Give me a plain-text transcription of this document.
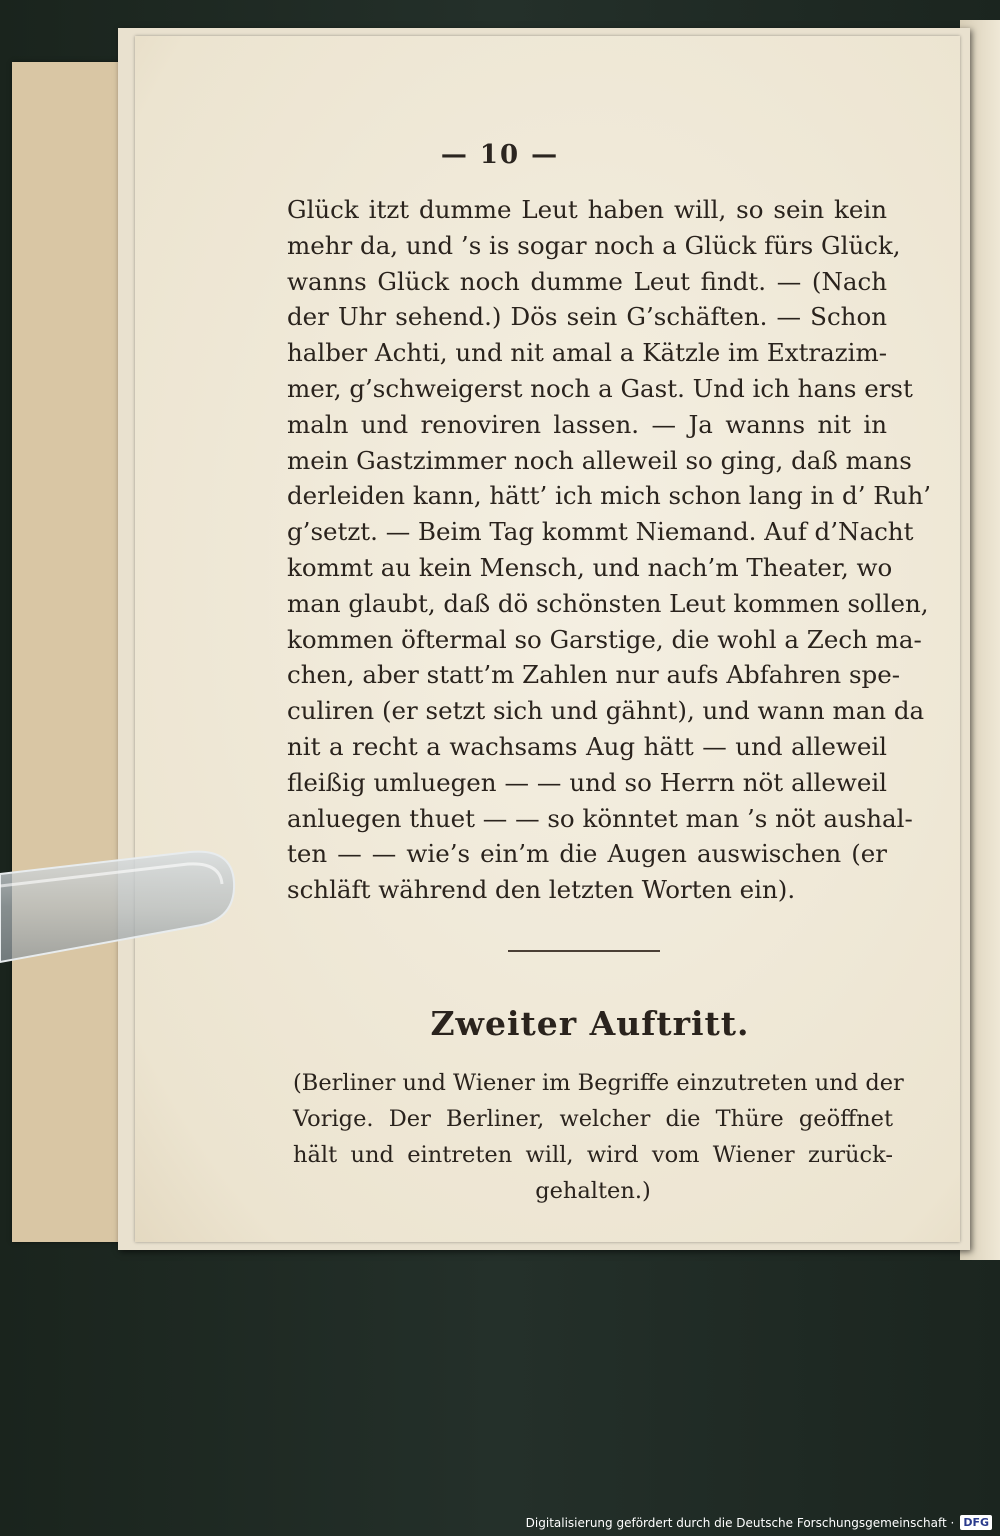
— 10 —
Glück itzt dumme Leut haben will, so sein kein
mehr da, und ’s is sogar noch a Glück fürs Glück,
wanns Glück noch dumme Leut findt. — (Nach
der Uhr sehend.) Dös sein G’schäften. — Schon
halber Achti, und nit amal a Kätzle im Extrazim-
mer, g’schweigerst noch a Gast. Und ich hans erst
maln und renoviren lassen. — Ja wanns nit in
mein Gastzimmer noch alleweil so ging, daß mans
derleiden kann, hätt’ ich mich schon lang in d’ Ruh’
g’setzt. — Beim Tag kommt Niemand. Auf d’Nacht
kommt au kein Mensch, und nach’m Theater, wo
man glaubt, daß dö schönsten Leut kommen sollen,
kommen öftermal so Garstige, die wohl a Zech ma-
chen, aber statt’m Zahlen nur aufs Abfahren spe-
culiren (er setzt sich und gähnt), und wann man da
nit a recht a wachsams Aug hätt — und alleweil
fleißig umluegen — — und so Herrn nöt alleweil
anluegen thuet — — so könntet man ’s nöt aushal-
ten — — wie’s ein’m die Augen auswischen (er
schläft während den letzten Worten ein).
Zweiter Auftritt.
(Berliner und Wiener im Begriffe einzutreten und der
Vorige. Der Berliner, welcher die Thüre geöffnet
hält und eintreten will, wird vom Wiener zurück-
gehalten.)
Digitalisierung gefördert durch die Deutsche Forschungsgemeinschaft · DFG
